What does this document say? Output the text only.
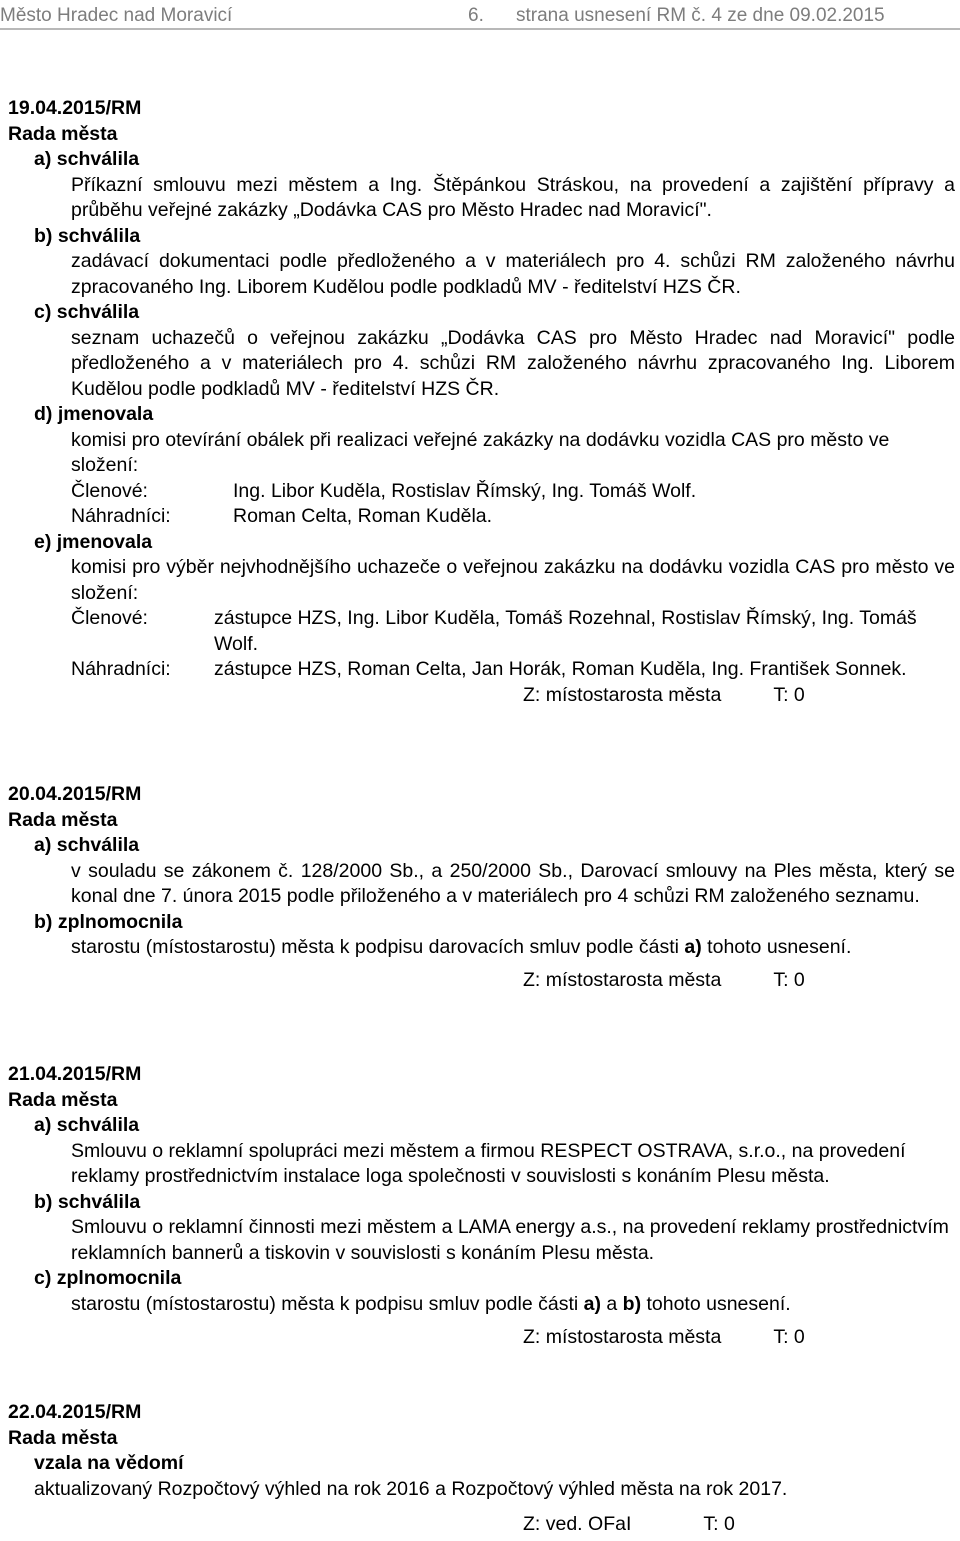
Město Hradec nad Moravicí	6. strana usnesení RM č. 4 ze dne 09.02.2015
19.04.2015/RM
Rada města
a) schválila
Příkazní smlouvu mezi městem a Ing. Štěpánkou Stráskou, na provedení a zajištění přípravy a průběhu veřejné zakázky „Dodávka CAS pro Město Hradec nad Moravicí".
b) schválila
zadávací dokumentaci podle předloženého a v materiálech pro 4. schůzi RM založeného návrhu zpracovaného Ing. Liborem Kudělou podle podkladů MV - ředitelství HZS ČR.
c) schválila
seznam uchazečů o veřejnou zakázku „Dodávka CAS pro Město Hradec nad Moravicí" podle předloženého a v materiálech pro 4. schůzi RM založeného návrhu zpracovaného Ing. Liborem Kudělou podle podkladů MV - ředitelství HZS ČR.
d) jmenovala
komisi pro otevírání obálek při realizaci veřejné zakázky na dodávku vozidla CAS pro město ve složení:
Členové:	Ing. Libor Kuděla, Rostislav Římský, Ing. Tomáš Wolf.
Náhradníci:	Roman Celta, Roman Kuděla.
e) jmenovala
komisi pro výběr nejvhodnějšího uchazeče o veřejnou zakázku na dodávku vozidla CAS pro město ve složení:
Členové:	zástupce HZS, Ing. Libor Kuděla, Tomáš Rozehnal, Rostislav Římský, Ing. Tomáš Wolf.
Náhradníci:	zástupce HZS, Roman Celta, Jan Horák, Roman Kuděla, Ing. František Sonnek.
Z: místostarosta města	T: 0
20.04.2015/RM
Rada města
a) schválila
v souladu se zákonem č. 128/2000 Sb., a 250/2000 Sb., Darovací smlouvy na Ples města, který se konal dne 7. února 2015 podle přiloženého a v materiálech pro 4 schůzi RM založeného seznamu.
b) zplnomocnila
starostu (místostarostu) města k podpisu darovacích smluv podle části a) tohoto usnesení.
Z: místostarosta města	T: 0
21.04.2015/RM
Rada města
a) schválila
Smlouvu o reklamní spolupráci mezi městem a firmou RESPECT OSTRAVA, s.r.o., na provedení reklamy prostřednictvím instalace loga společnosti v souvislosti s konáním Plesu města.
b) schválila
Smlouvu o reklamní činnosti mezi městem a LAMA energy a.s., na provedení reklamy prostřednictvím reklamních bannerů a tiskovin v souvislosti s konáním Plesu města.
c) zplnomocnila
starostu (místostarostu) města k podpisu smluv podle části a) a b) tohoto usnesení.
Z: místostarosta města	T: 0
22.04.2015/RM
Rada města
vzala na vědomí
aktualizovaný Rozpočtový výhled na rok 2016 a Rozpočtový výhled města na rok 2017.
Z: ved. OFaI	T: 0
